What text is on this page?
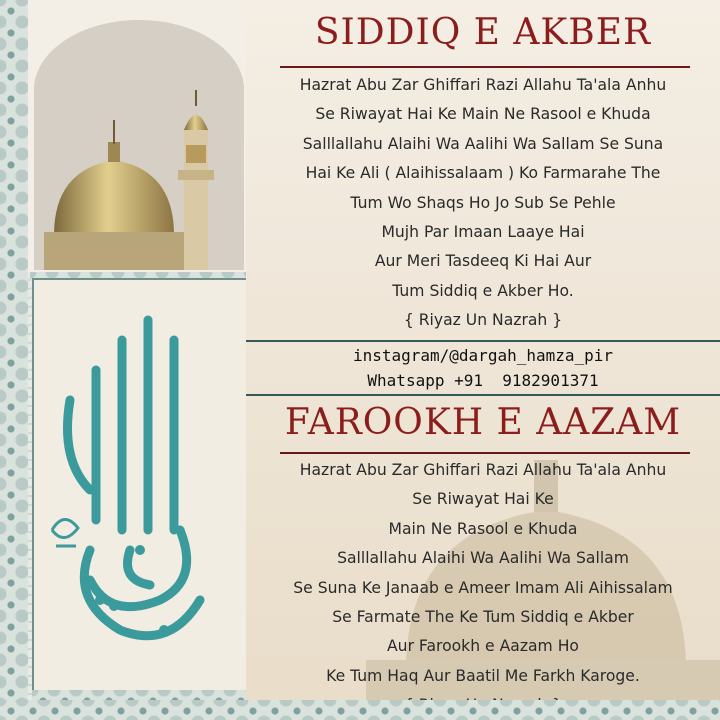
SIDDIQ E AKBER
Hazrat Abu Zar Ghiffari Razi Allahu Ta'ala Anhu
Se Riwayat Hai Ke Main Ne Rasool e Khuda
Salllallahu Alaihi Wa Aalihi Wa Sallam Se Suna
Hai Ke Ali ( Alaihissalaam ) Ko Farmarahe The
Tum Wo Shaqs Ho Jo Sub Se Pehle
Mujh Par Imaan Laaye Hai
Aur Meri Tasdeeq Ki Hai Aur
Tum Siddiq e Akber Ho.
{ Riyaz Un Nazrah }
instagram/@dargah_hamza_pir
Whatsapp +91  9182901371
FAROOKH E AAZAM
Hazrat Abu Zar Ghiffari Razi Allahu Ta'ala Anhu
Se Riwayat Hai Ke
Main Ne Rasool e Khuda
Salllallahu Alaihi Wa Aalihi Wa Sallam
Se Suna Ke Janaab e Ameer Imam Ali Aihissalam
Se Farmate The Ke Tum Siddiq e Akber
Aur Farookh e Aazam Ho
Ke Tum Haq Aur Baatil Me Farkh Karoge.
